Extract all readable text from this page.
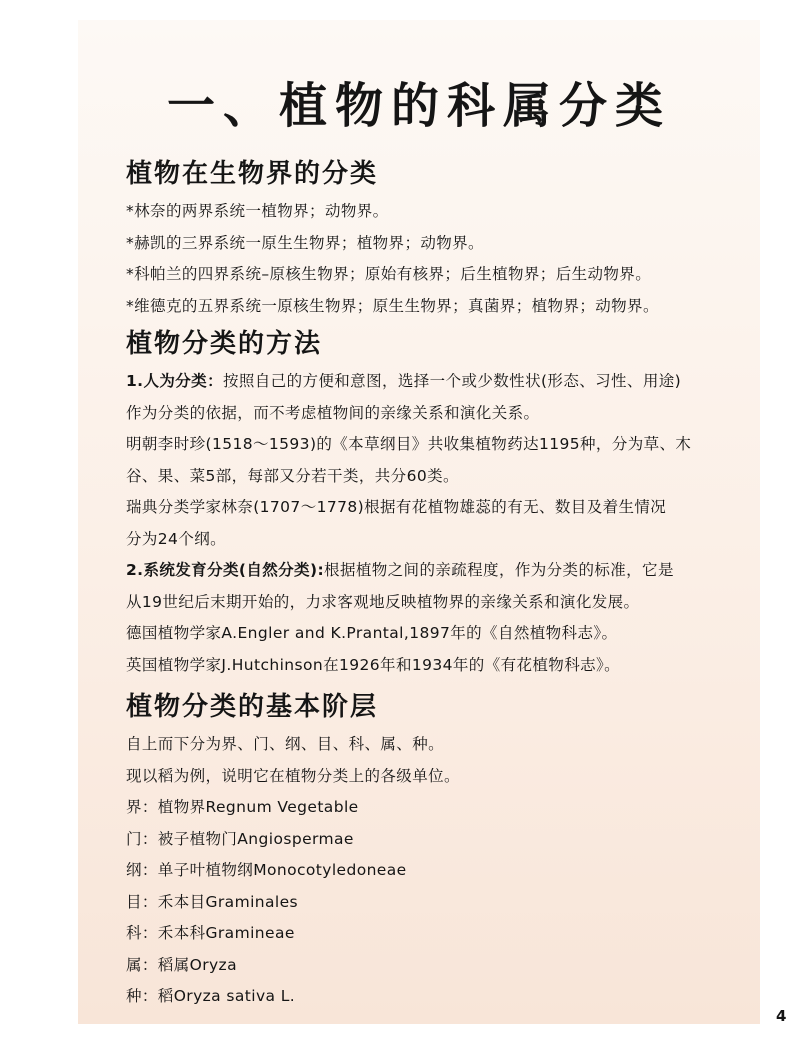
一、植物的科属分类
植物在生物界的分类
*林奈的两界系统一植物界；动物界。
*赫凯的三界系统一原生生物界；植物界；动物界。
*科帕兰的四界系统–原核生物界；原始有核界；后生植物界；后生动物界。
*维德克的五界系统一原核生物界；原生生物界；真菌界；植物界；动物界。
植物分类的方法
1.人为分类：按照自己的方便和意图，选择一个或少数性状(形态、习性、用途)
作为分类的依据，而不考虑植物间的亲缘关系和演化关系。
明朝李时珍(1518～1593)的《本草纲目》共收集植物药达1195种，分为草、木
谷、果、菜5部，每部又分若干类，共分60类。
瑞典分类学家林奈(1707～1778)根据有花植物雄蕊的有无、数目及着生情况
分为24个纲。
2.系统发育分类(自然分类):根据植物之间的亲疏程度，作为分类的标准，它是
从19世纪后末期开始的，力求客观地反映植物界的亲缘关系和演化发展。
德国植物学家A.Engler and K.Prantal,1897年的《自然植物科志》。
英国植物学家J.Hutchinson在1926年和1934年的《有花植物科志》。
植物分类的基本阶层
自上而下分为界、门、纲、目、科、属、种。
现以稻为例，说明它在植物分类上的各级单位。
界：植物界Regnum Vegetable
门：被子植物门Angiospermae
纲：单子叶植物纲Monocotyledoneae
目：禾本目Graminales
科：禾本科Gramineae
属：稻属Oryza
种：稻Oryza sativa L.
4
